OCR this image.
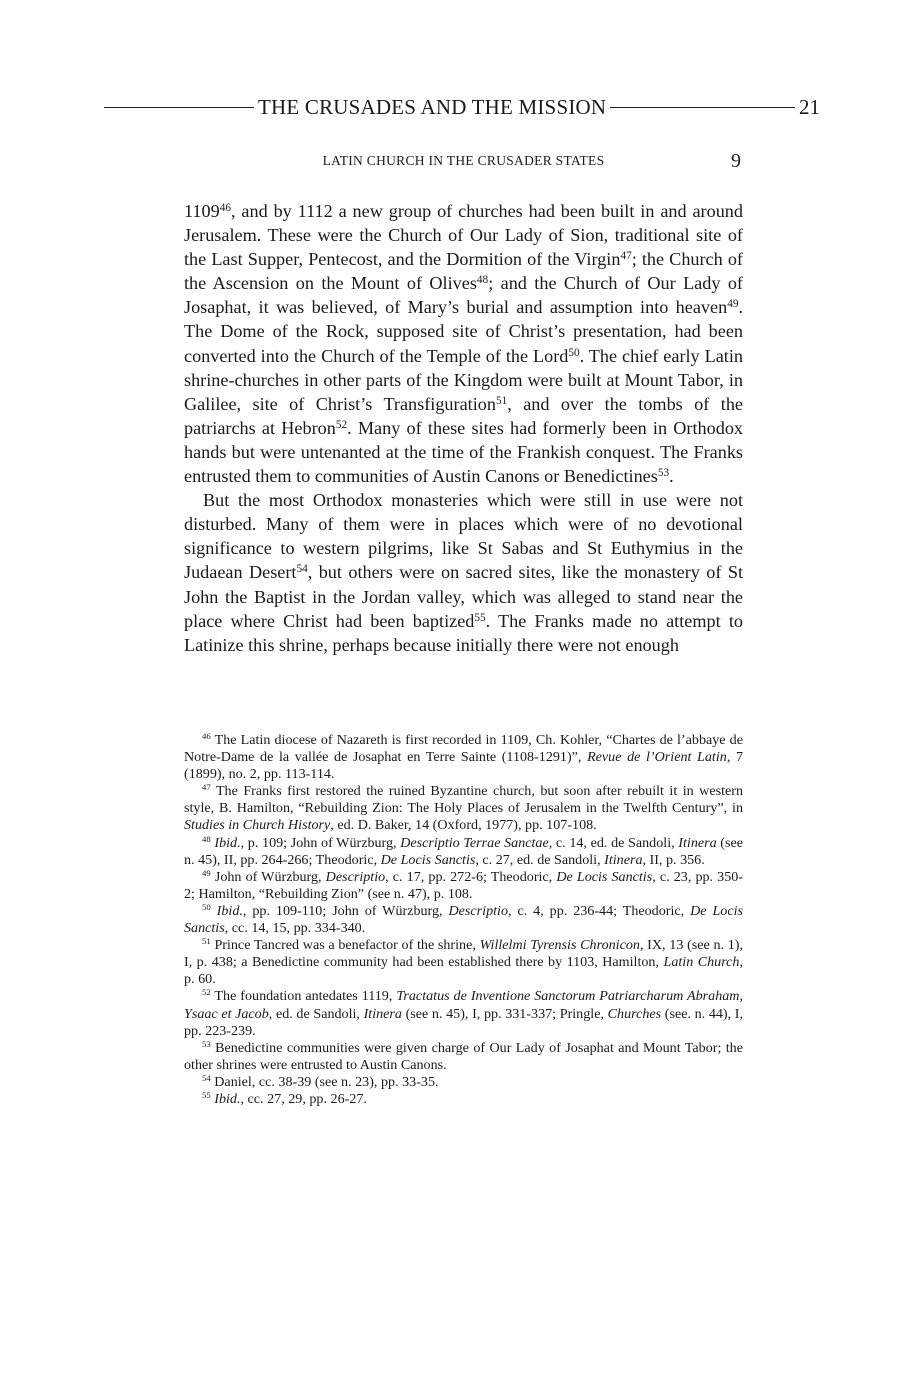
THE CRUSADES AND THE MISSION	21
LATIN CHURCH IN THE CRUSADER STATES	9

1109$^{46}$, and by 1112 a new group of churches had been built in and around Jerusalem. These were the Church of Our Lady of Sion, traditional site of the Last Supper, Pentecost, and the Dormition of the Virgin$^{47}$; the Church of the Ascension on the Mount of Olives$^{48}$; and the Church of Our Lady of Josaphat, it was believed, of Mary’s burial and assumption into heaven$^{49}$. The Dome of the Rock, supposed site of Christ’s presentation, had been converted into the Church of the Temple of the Lord$^{50}$. The chief early Latin shrine-churches in other parts of the Kingdom were built at Mount Tabor, in Galilee, site of Christ’s Transfiguration$^{51}$, and over the tombs of the patriarchs at Hebron$^{52}$. Many of these sites had formerly been in Orthodox hands but were untenanted at the time of the Frankish conquest. The Franks entrusted them to communities of Austin Canons or Benedictines$^{53}$.

But the most Orthodox monasteries which were still in use were not disturbed. Many of them were in places which were of no devotional significance to western pilgrims, like St Sabas and St Euthymius in the Judaean Desert$^{54}$, but others were on sacred sites, like the monastery of St John the Baptist in the Jordan valley, which was alleged to stand near the place where Christ had been baptized$^{55}$. The Franks made no attempt to Latinize this shrine, perhaps because initially there were not enough

$^{46}$ The Latin diocese of Nazareth is first recorded in 1109, Ch. Kohler, “Chartes de l’abbaye de Notre-Dame de la vallée de Josaphat en Terre Sainte (1108-1291)”, Revue de l’Orient Latin, 7 (1899), no. 2, pp. 113-114.

$^{47}$ The Franks first restored the ruined Byzantine church, but soon after rebuilt it in western style, B. Hamilton, “Rebuilding Zion: The Holy Places of Jerusalem in the Twelfth Century”, in Studies in Church History, ed. D. Baker, 14 (Oxford, 1977), pp. 107-108.

$^{48}$ Ibid., p. 109; John of Würzburg, Descriptio Terrae Sanctae, c. 14, ed. de Sandoli, Itinera (see n. 45), II, pp. 264-266; Theodoric, De Locis Sanctis, c. 27, ed. de Sandoli, Itinera, II, p. 356.

$^{49}$ John of Würzburg, Descriptio, c. 17, pp. 272-6; Theodoric, De Locis Sanctis, c. 23, pp. 350-2; Hamilton, “Rebuilding Zion” (see n. 47), p. 108.

$^{50}$ Ibid., pp. 109-110; John of Würzburg, Descriptio, c. 4, pp. 236-44; Theodoric, De Locis Sanctis, cc. 14, 15, pp. 334-340.

$^{51}$ Prince Tancred was a benefactor of the shrine, Willelmi Tyrensis Chronicon, IX, 13 (see n. 1), I, p. 438; a Benedictine community had been established there by 1103, Hamilton, Latin Church, p. 60.

$^{52}$ The foundation antedates 1119, Tractatus de Inventione Sanctorum Patriarcharum Abraham, Ysaac et Jacob, ed. de Sandoli, Itinera (see n. 45), I, pp. 331-337; Pringle, Churches (see. n. 44), I, pp. 223-239.

$^{53}$ Benedictine communities were given charge of Our Lady of Josaphat and Mount Tabor; the other shrines were entrusted to Austin Canons.

$^{54}$ Daniel, cc. 38-39 (see n. 23), pp. 33-35.

$^{55}$ Ibid., cc. 27, 29, pp. 26-27.
